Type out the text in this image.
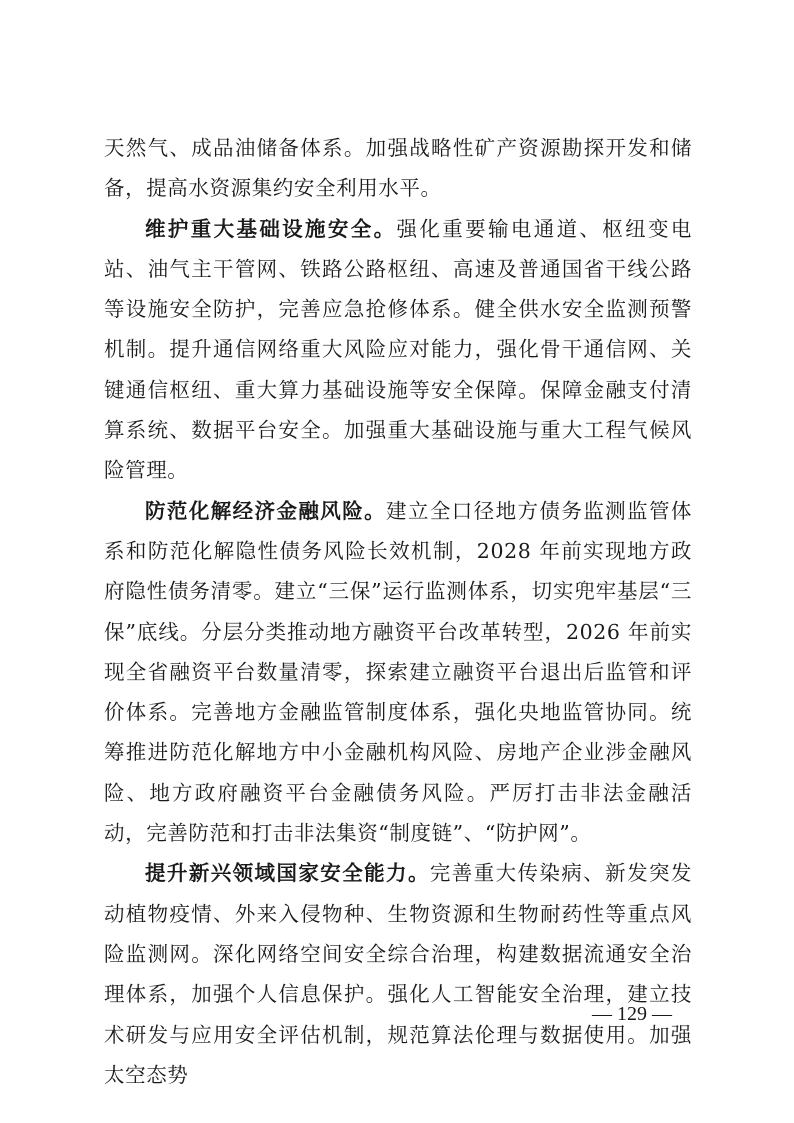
天然气、成品油储备体系。加强战略性矿产资源勘探开发和储备，提高水资源集约安全利用水平。

维护重大基础设施安全。强化重要输电通道、枢纽变电站、油气主干管网、铁路公路枢纽、高速及普通国省干线公路等设施安全防护，完善应急抢修体系。健全供水安全监测预警机制。提升通信网络重大风险应对能力，强化骨干通信网、关键通信枢纽、重大算力基础设施等安全保障。保障金融支付清算系统、数据平台安全。加强重大基础设施与重大工程气候风险管理。

防范化解经济金融风险。建立全口径地方债务监测监管体系和防范化解隐性债务风险长效机制，2028 年前实现地方政府隐性债务清零。建立“三保”运行监测体系，切实兜牢基层“三保”底线。分层分类推动地方融资平台改革转型，2026 年前实现全省融资平台数量清零，探索建立融资平台退出后监管和评价体系。完善地方金融监管制度体系，强化央地监管协同。统筹推进防范化解地方中小金融机构风险、房地产企业涉金融风险、地方政府融资平台金融债务风险。严厉打击非法金融活动，完善防范和打击非法集资“制度链”、“防护网”。

提升新兴领域国家安全能力。完善重大传染病、新发突发动植物疫情、外来入侵物种、生物资源和生物耐药性等重点风险监测网。深化网络空间安全综合治理，构建数据流通安全治理体系，加强个人信息保护。强化人工智能安全治理，建立技术研发与应用安全评估机制，规范算法伦理与数据使用。加强太空态势

— 129 —
